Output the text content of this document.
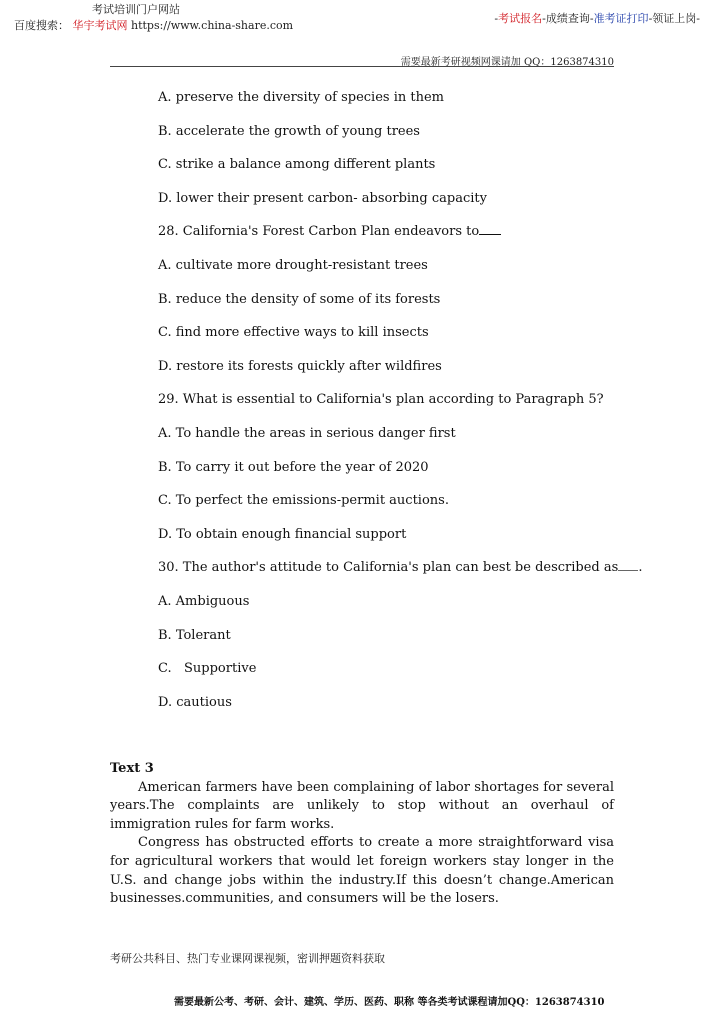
考试培训门户网站
百度搜索： 华宇考试网 https://www.china-share.com
-考试报名-成绩查询-准考证打印-领证上岗-
需要最新考研视频网课请加 QQ：1263874310
A. preserve the diversity of species in them
B. accelerate the growth of young trees
C. strike a balance among different plants
D. lower their present carbon- absorbing capacity
28. California's Forest Carbon Plan endeavors to
A. cultivate more drought-resistant trees
B. reduce the density of some of its forests
C. find more effective ways to kill insects
D. restore its forests quickly after wildfires
29. What is essential to California's plan according to Paragraph 5?
A. To handle the areas in serious danger first
B. To carry it out before the year of 2020
C. To perfect the emissions-permit auctions.
D. To obtain enough financial support
30. The author's attitude to California's plan can best be described as .
A. Ambiguous
B. Tolerant
C.   Supportive
D. cautious
Text 3

American farmers have been complaining of labor shortages for several years.The complaints are unlikely to stop without an overhaul of immigration rules for farm works.

Congress has obstructed efforts to create a more straightforward visa for agricultural workers that would let foreign workers stay longer in the U.S. and change jobs within the industry.If this doesn’t change.American businesses.communities, and consumers will be the losers.

考研公共科目、热门专业课网课视频，密训押题资料获取
需要最新公考、考研、会计、建筑、学历、医药、职称 等各类考试课程请加QQ：1263874310
